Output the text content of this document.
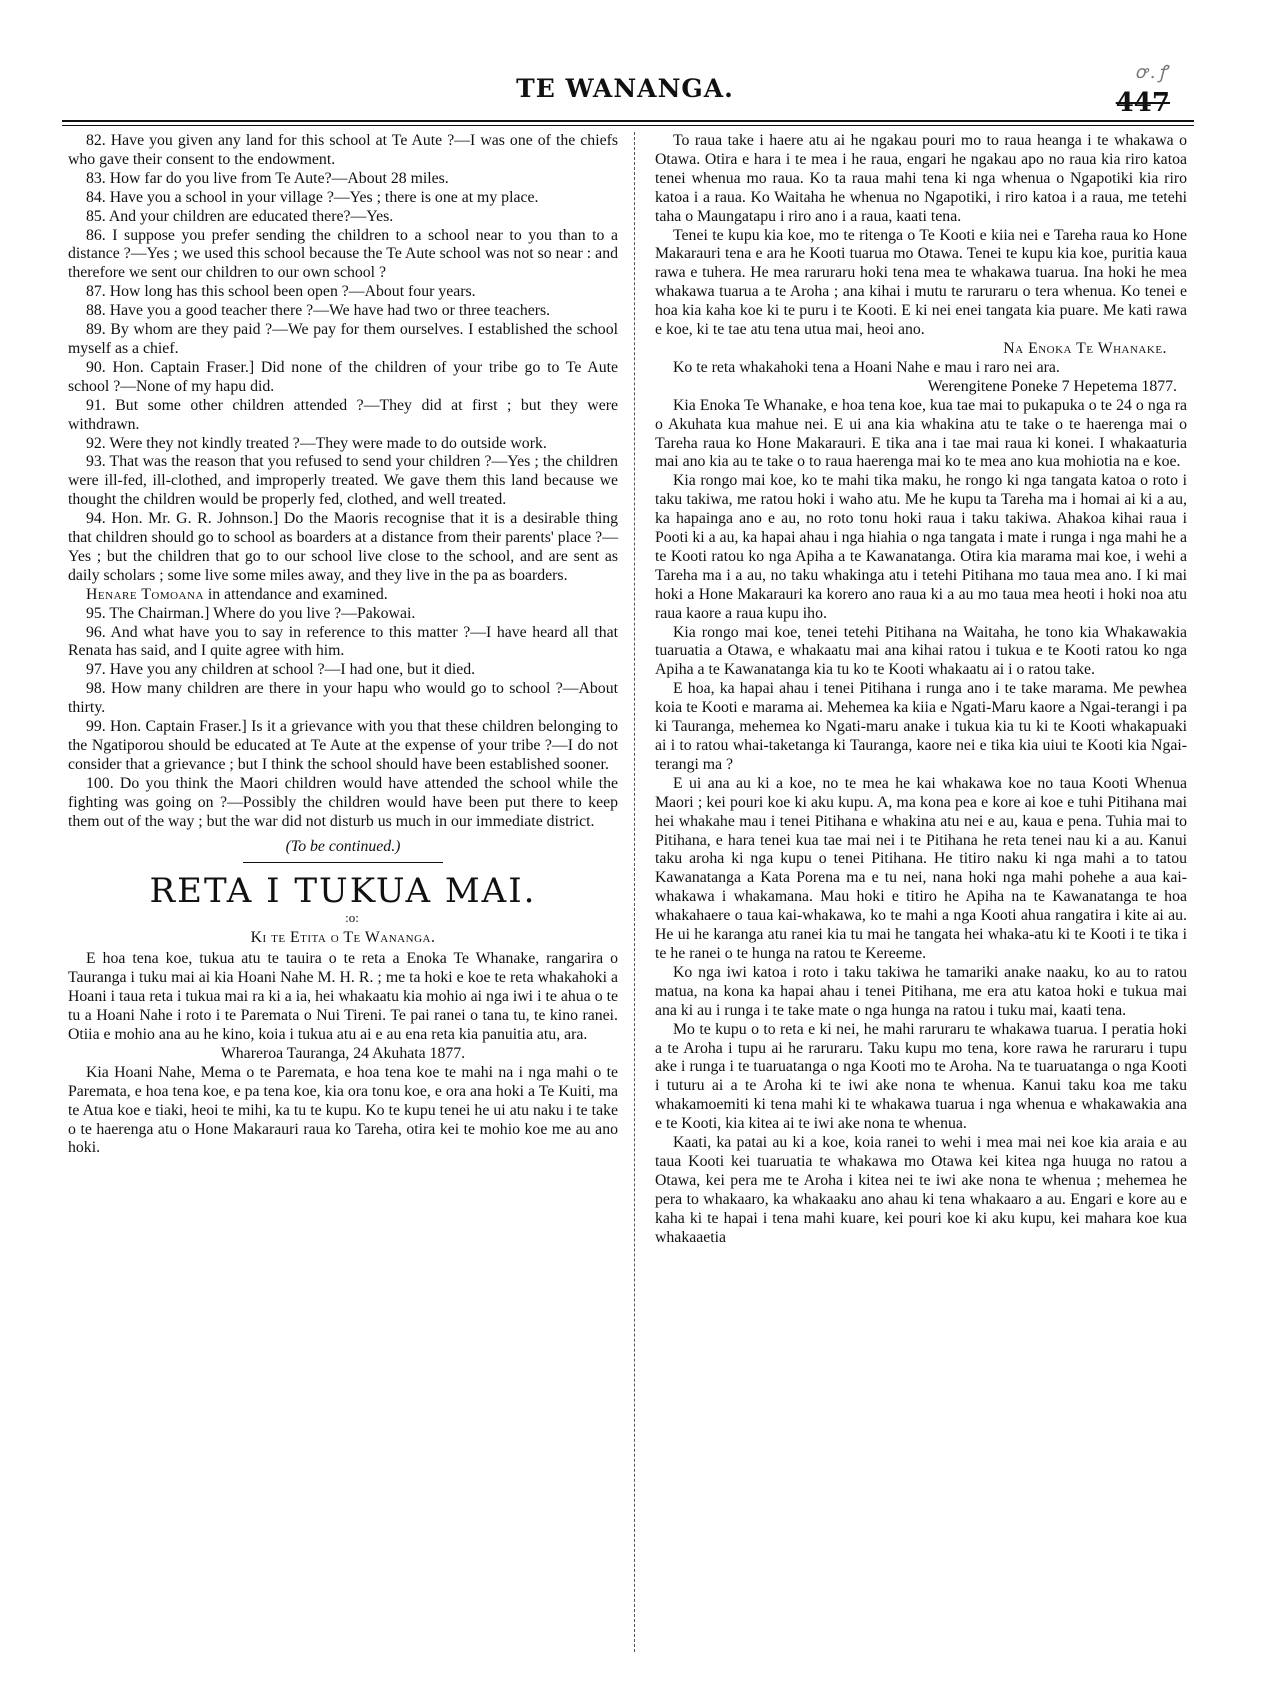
TE WANANGA.
ꝍ.ꝭ
447

82. Have you given any land for this school at Te Aute ?—I was one of the chiefs who gave their consent to the endowment.

83. How far do you live from Te Aute?—About 28 miles.

84. Have you a school in your village ?—Yes ; there is one at my place.

85. And your children are educated there?—Yes.

86. I suppose you prefer sending the children to a school near to you than to a distance ?—Yes ; we used this school because the Te Aute school was not so near : and therefore we sent our children to our own school ?

87. How long has this school been open ?—About four years.

88. Have you a good teacher there ?—We have had two or three teachers.

89. By whom are they paid ?—We pay for them ourselves. I established the school myself as a chief.

90. Hon. Captain Fraser.] Did none of the children of your tribe go to Te Aute school ?—None of my hapu did.

91. But some other children attended ?—They did at first ; but they were withdrawn.

92. Were they not kindly treated ?—They were made to do outside work.

93. That was the reason that you refused to send your children ?—Yes ; the children were ill-fed, ill-clothed, and improperly treated. We gave them this land because we thought the children would be properly fed, clothed, and well treated.

94. Hon. Mr. G. R. Johnson.] Do the Maoris recognise that it is a desirable thing that children should go to school as boarders at a distance from their parents' place ?—Yes ; but the children that go to our school live close to the school, and are sent as daily scholars ; some live some miles away, and they live in the pa as boarders.

Henare Tomoana in attendance and examined.

95. The Chairman.] Where do you live ?—Pakowai.

96. And what have you to say in reference to this matter ?—I have heard all that Renata has said, and I quite agree with him.

97. Have you any children at school ?—I had one, but it died.

98. How many children are there in your hapu who would go to school ?—About thirty.

99. Hon. Captain Fraser.] Is it a grievance with you that these children belonging to the Ngatiporou should be educated at Te Aute at the expense of your tribe ?—I do not consider that a grievance ; but I think the school should have been established sooner.

100. Do you think the Maori children would have attended the school while the fighting was going on ?—Possibly the children would have been put there to keep them out of the way ; but the war did not disturb us much in our immediate district.

(To be continued.)

RETA I TUKUA MAI.

:o:

Ki te Etita o Te Wananga.

E hoa tena koe, tukua atu te tauira o te reta a Enoka Te Whanake, rangarira o Tauranga i tuku mai ai kia Hoani Nahe M. H. R. ; me ta hoki e koe te reta whakahoki a Hoani i taua reta i tukua mai ra ki a ia, hei whakaatu kia mohio ai nga iwi i te ahua o te tu a Hoani Nahe i roto i te Paremata o Nui Tireni. Te pai ranei o tana tu, te kino ranei. Otiia e mohio ana au he kino, koia i tukua atu ai e au ena reta kia panuitia atu, ara.

Whareroa Tauranga, 24 Akuhata 1877.

Kia Hoani Nahe, Mema o te Paremata, e hoa tena koe te mahi na i nga mahi o te Paremata, e hoa tena koe, e pa tena koe, kia ora tonu koe, e ora ana hoki a Te Kuiti, ma te Atua koe e tiaki, heoi te mihi, ka tu te kupu. Ko te kupu tenei he ui atu naku i te take o te haerenga atu o Hone Makarauri raua ko Tareha, otira kei te mohio koe me au ano hoki.

To raua take i haere atu ai he ngakau pouri mo to raua heanga i te whakawa o Otawa. Otira e hara i te mea i he raua, engari he ngakau apo no raua kia riro katoa tenei whenua mo raua. Ko ta raua mahi tena ki nga whenua o Ngapotiki kia riro katoa i a raua. Ko Waitaha he whenua no Ngapotiki, i riro katoa i a raua, me tetehi taha o Maungatapu i riro ano i a raua, kaati tena.

Tenei te kupu kia koe, mo te ritenga o Te Kooti e kiia nei e Tareha raua ko Hone Makarauri tena e ara he Kooti tuarua mo Otawa. Tenei te kupu kia koe, puritia kaua rawa e tuhera. He mea raruraru hoki tena mea te whakawa tuarua. Ina hoki he mea whakawa tuarua a te Aroha ; ana kihai i mutu te raruraru o tera whenua. Ko tenei e hoa kia kaha koe ki te puru i te Kooti. E ki nei enei tangata kia puare. Me kati rawa e koe, ki te tae atu tena utua mai, heoi ano.

Na Enoka Te Whanake.

Ko te reta whakahoki tena a Hoani Nahe e mau i raro nei ara.

Werengitene Poneke 7 Hepetema 1877.

Kia Enoka Te Whanake, e hoa tena koe, kua tae mai to pukapuka o te 24 o nga ra o Akuhata kua mahue nei. E ui ana kia whakina atu te take o te haerenga mai o Tareha raua ko Hone Makarauri. E tika ana i tae mai raua ki konei. I whakaaturia mai ano kia au te take o to raua haerenga mai ko te mea ano kua mohiotia na e koe.

Kia rongo mai koe, ko te mahi tika maku, he rongo ki nga tangata katoa o roto i taku takiwa, me ratou hoki i waho atu. Me he kupu ta Tareha ma i homai ai ki a au, ka hapainga ano e au, no roto tonu hoki raua i taku takiwa. Ahakoa kihai raua i Pooti ki a au, ka hapai ahau i nga hiahia o nga tangata i mate i runga i nga mahi he a te Kooti ratou ko nga Apiha a te Kawanatanga. Otira kia marama mai koe, i wehi a Tareha ma i a au, no taku whakinga atu i tetehi Pitihana mo taua mea ano. I ki mai hoki a Hone Makarauri ka korero ano raua ki a au mo taua mea heoti i hoki noa atu raua kaore a raua kupu iho.

Kia rongo mai koe, tenei tetehi Pitihana na Waitaha, he tono kia Whakawakia tuaruatia a Otawa, e whakaatu mai ana kihai ratou i tukua e te Kooti ratou ko nga Apiha a te Kawanatanga kia tu ko te Kooti whakaatu ai i o ratou take.

E hoa, ka hapai ahau i tenei Pitihana i runga ano i te take marama. Me pewhea koia te Kooti e marama ai. Mehemea ka kiia e Ngati-Maru kaore a Ngai-terangi i pa ki Tauranga, mehemea ko Ngati-maru anake i tukua kia tu ki te Kooti whakapuaki ai i to ratou whai-taketanga ki Tauranga, kaore nei e tika kia uiui te Kooti kia Ngai-terangi ma ?

E ui ana au ki a koe, no te mea he kai whakawa koe no taua Kooti Whenua Maori ; kei pouri koe ki aku kupu. A, ma kona pea e kore ai koe e tuhi Pitihana mai hei whakahe mau i tenei Pitihana e whakina atu nei e au, kaua e pena. Tuhia mai to Pitihana, e hara tenei kua tae mai nei i te Pitihana he reta tenei nau ki a au. Kanui taku aroha ki nga kupu o tenei Pitihana. He titiro naku ki nga mahi a to tatou Kawanatanga a Kata Porena ma e tu nei, nana hoki nga mahi pohehe a aua kai-whakawa i whakamana. Mau hoki e titiro he Apiha na te Kawanatanga te hoa whakahaere o taua kai-whakawa, ko te mahi a nga Kooti ahua rangatira i kite ai au. He ui he karanga atu ranei kia tu mai he tangata hei whaka-atu ki te Kooti i te tika i te he ranei o te hunga na ratou te Kereeme.

Ko nga iwi katoa i roto i taku takiwa he tamariki anake naaku, ko au to ratou matua, na kona ka hapai ahau i tenei Pitihana, me era atu katoa hoki e tukua mai ana ki au i runga i te take mate o nga hunga na ratou i tuku mai, kaati tena.

Mo te kupu o to reta e ki nei, he mahi raruraru te whakawa tuarua. I peratia hoki a te Aroha i tupu ai he raruraru. Taku kupu mo tena, kore rawa he raruraru i tupu ake i runga i te tuaruatanga o nga Kooti mo te Aroha. Na te tuaruatanga o nga Kooti i tuturu ai a te Aroha ki te iwi ake nona te whenua. Kanui taku koa me taku whakamoemiti ki tena mahi ki te whakawa tuarua i nga whenua e whakawakia ana e te Kooti, kia kitea ai te iwi ake nona te whenua.

Kaati, ka patai au ki a koe, koia ranei to wehi i mea mai nei koe kia araia e au taua Kooti kei tuaruatia te whakawa mo Otawa kei kitea nga huuga no ratou a Otawa, kei pera me te Aroha i kitea nei te iwi ake nona te whenua ; mehemea he pera to whakaaro, ka whakaaku ano ahau ki tena whakaaro a au. Engari e kore au e kaha ki te hapai i tena mahi kuare, kei pouri koe ki aku kupu, kei mahara koe kua whakaaetia
